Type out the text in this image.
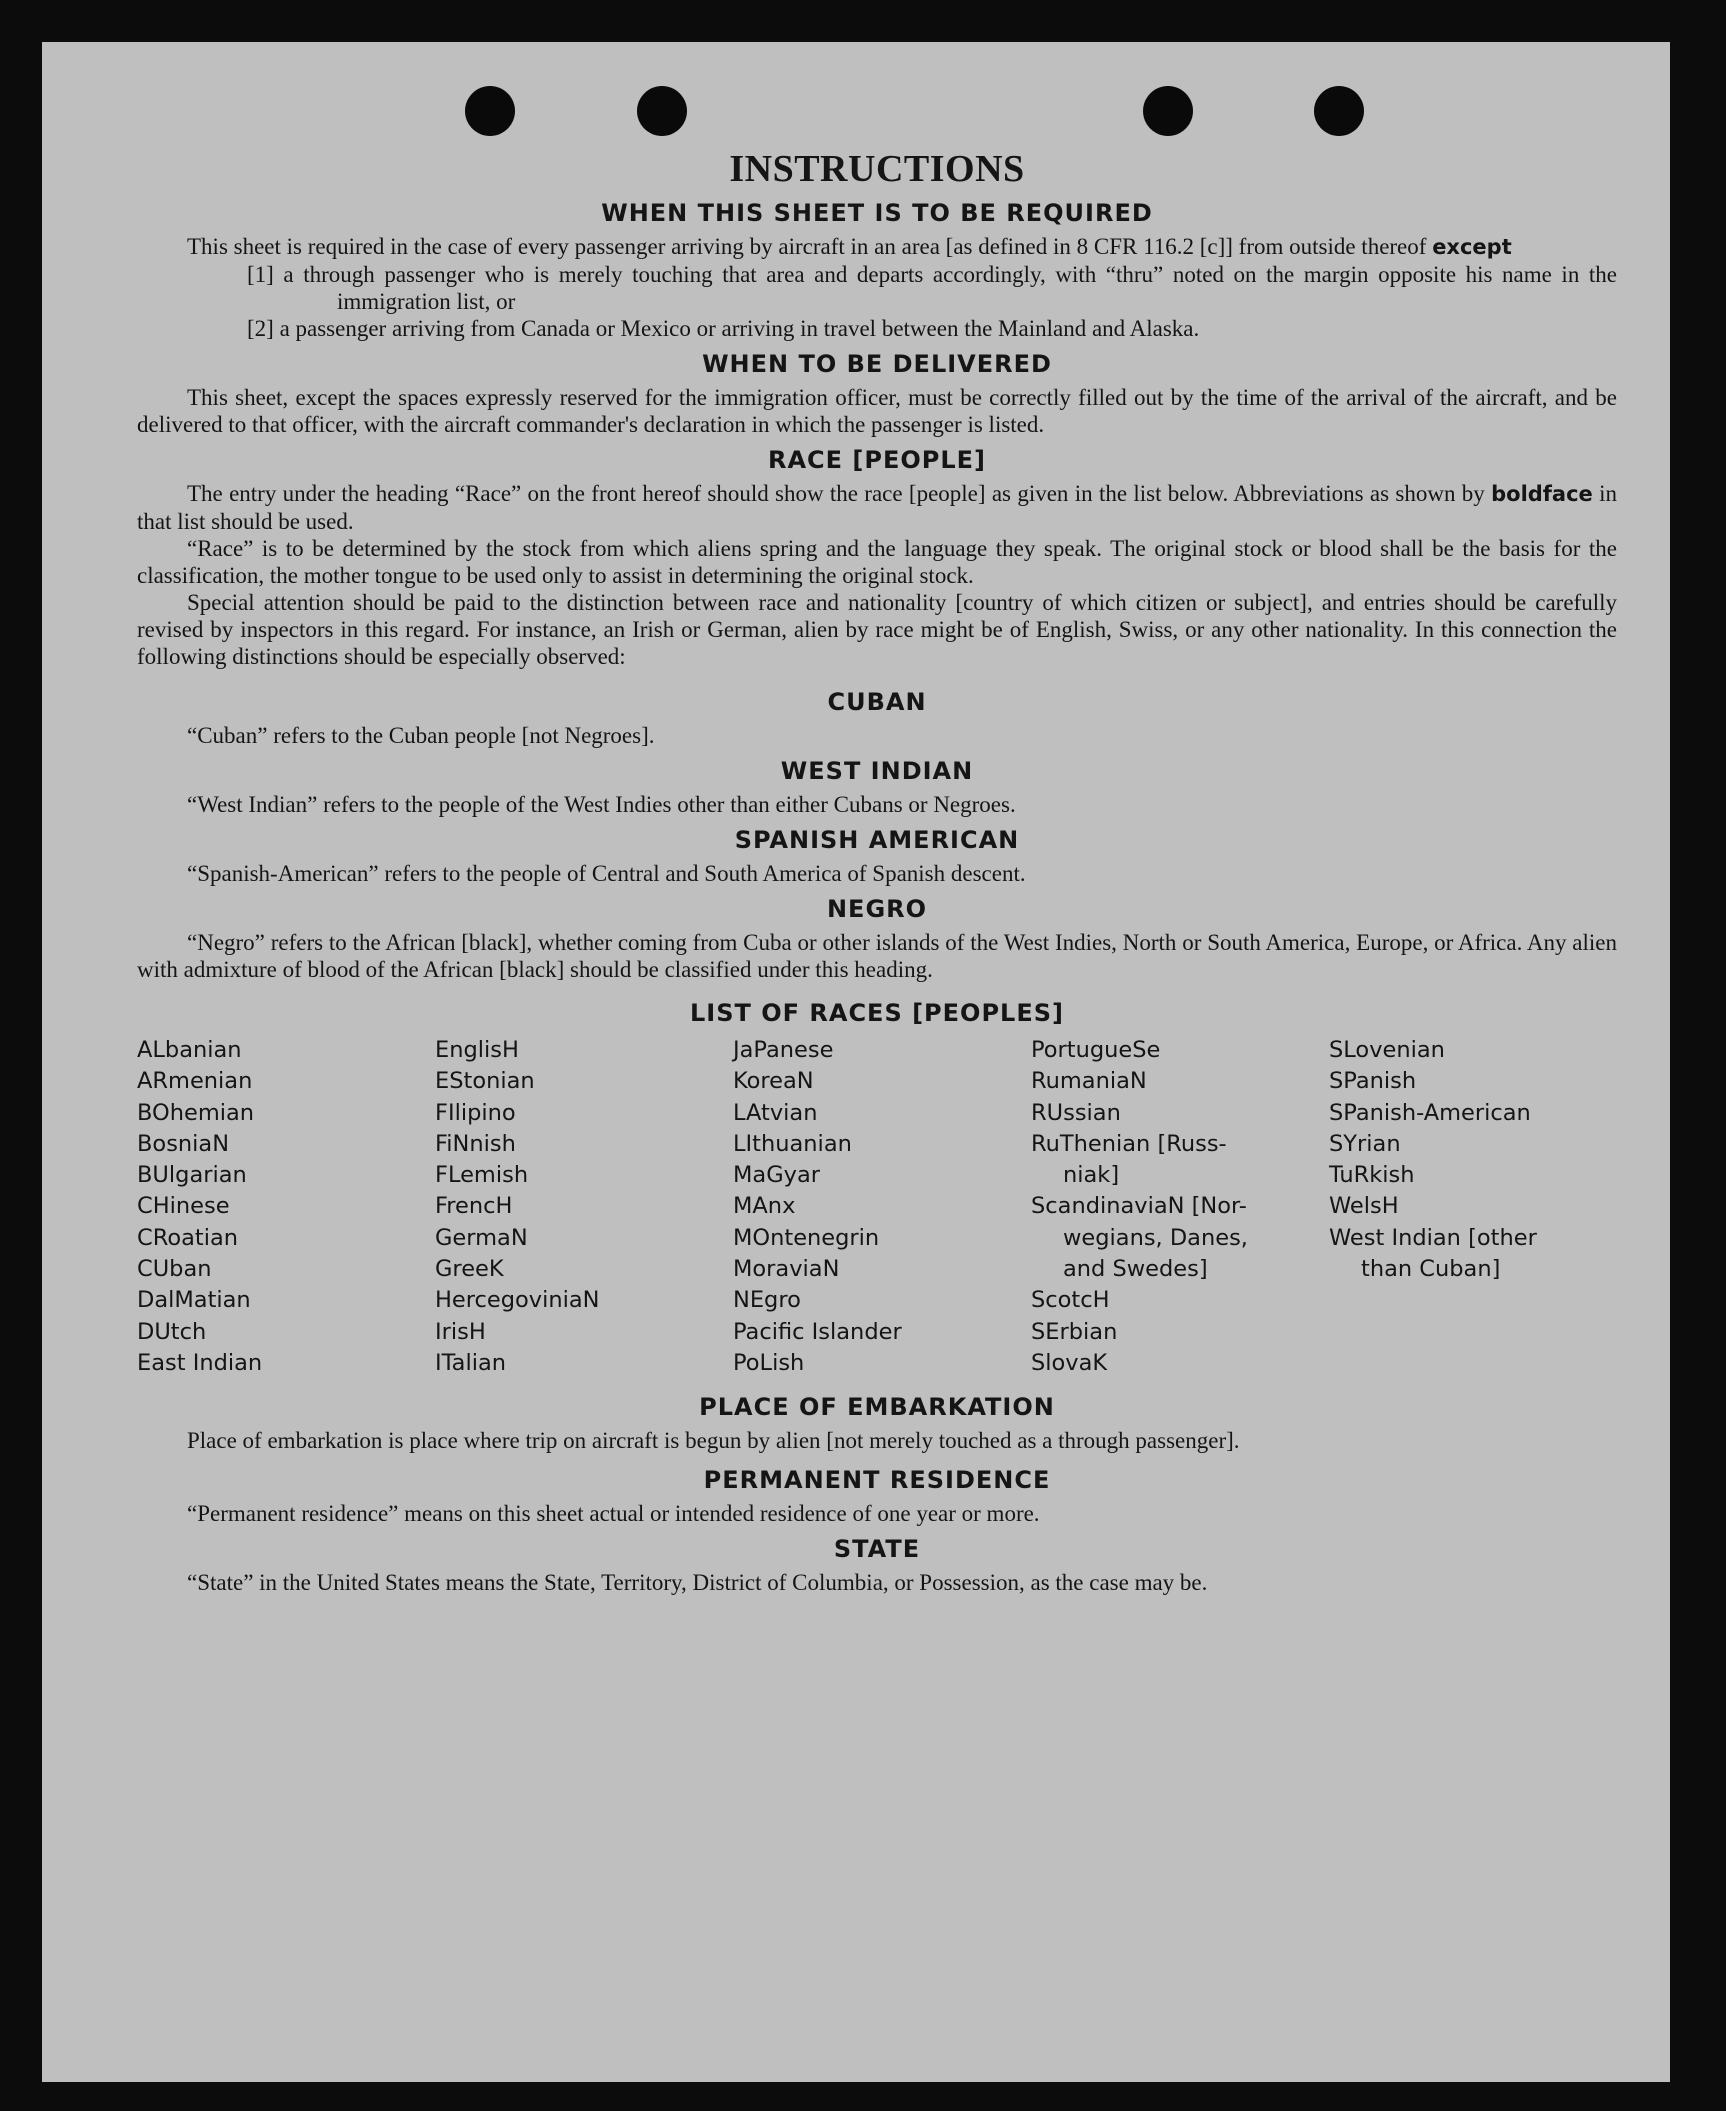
INSTRUCTIONS
WHEN THIS SHEET IS TO BE REQUIRED

This sheet is required in the case of every passenger arriving by aircraft in an area [as defined in 8 CFR 116.2 [c]] from outside thereof except

[1] a through passenger who is merely touching that area and departs accordingly, with “thru” noted on the margin opposite his name in the immigration list, or

[2] a passenger arriving from Canada or Mexico or arriving in travel between the Mainland and Alaska.

WHEN TO BE DELIVERED

This sheet, except the spaces expressly reserved for the immigration officer, must be correctly filled out by the time of the arrival of the aircraft, and be delivered to that officer, with the aircraft commander's declaration in which the passenger is listed.

RACE [PEOPLE]

The entry under the heading “Race” on the front hereof should show the race [people] as given in the list below. Abbreviations as shown by boldface in that list should be used.

“Race” is to be determined by the stock from which aliens spring and the language they speak. The original stock or blood shall be the basis for the classification, the mother tongue to be used only to assist in determining the original stock.

Special attention should be paid to the distinction between race and nationality [country of which citizen or subject], and entries should be carefully revised by inspectors in this regard. For instance, an Irish or German, alien by race might be of English, Swiss, or any other nationality. In this connection the following distinctions should be especially observed:

CUBAN

“Cuban” refers to the Cuban people [not Negroes].

WEST INDIAN

“West Indian” refers to the people of the West Indies other than either Cubans or Negroes.

SPANISH AMERICAN

“Spanish-American” refers to the people of Central and South America of Spanish descent.

NEGRO

“Negro” refers to the African [black], whether coming from Cuba or other islands of the West Indies, North or South America, Europe, or Africa. Any alien with admixture of blood of the African [black] should be classified under this heading.

LIST OF RACES [PEOPLES]
ALbanian
ARmenian
BOhemian
BosniaN
BUlgarian
CHinese
CRoatian
CUban
DalMatian
DUtch
East Indian
EnglisH
EStonian
FIlipino
FiNnish
FLemish
FrencH
GermaN
GreeK
HercegoviniaN
IrisH
ITalian
JaPanese
KoreaN
LAtvian
LIthuanian
MaGyar
MAnx
MOntenegrin
MoraviaN
NEgro
Pacific Islander
PoLish
PortugueSe
RumaniaN
RUssian
RuThenian [Russ-
niak]
ScandinaviaN [Nor-
wegians, Danes,
and Swedes]
ScotcH
SErbian
SlovaK
SLovenian
SPanish
SPanish-American
SYrian
TuRkish
WelsH
West Indian [other
than Cuban]
PLACE OF EMBARKATION

Place of embarkation is place where trip on aircraft is begun by alien [not merely touched as a through passenger].

PERMANENT RESIDENCE

“Permanent residence” means on this sheet actual or intended residence of one year or more.

STATE

“State” in the United States means the State, Territory, District of Columbia, or Possession, as the case may be.
